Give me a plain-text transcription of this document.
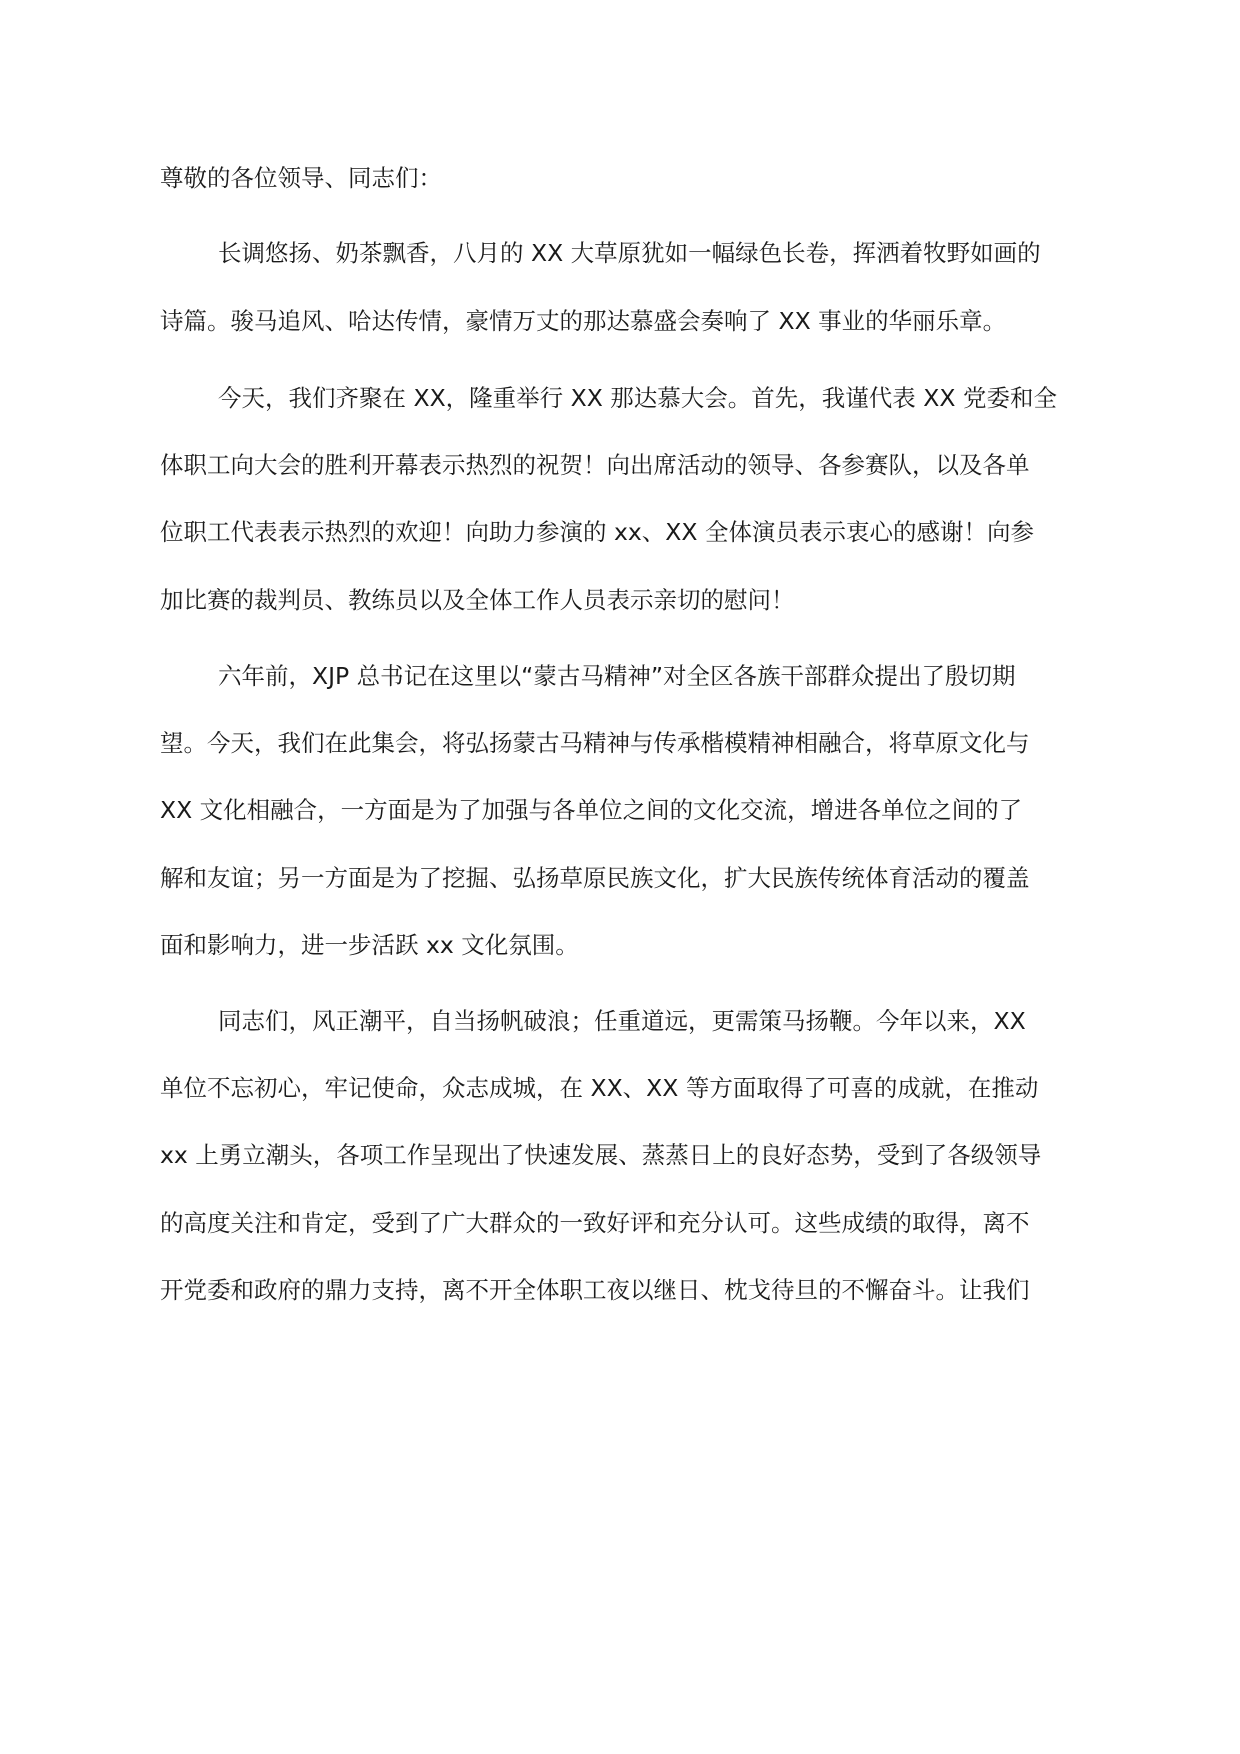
尊敬的各位领导、同志们：
长调悠扬、奶茶飘香，八月的 XX 大草原犹如一幅绿色长卷，挥洒着牧野如画的
诗篇。骏马追风、哈达传情，豪情万丈的那达慕盛会奏响了 XX 事业的华丽乐章。
今天，我们齐聚在 XX，隆重举行 XX 那达慕大会。首先，我谨代表 XX 党委和全
体职工向大会的胜利开幕表示热烈的祝贺！向出席活动的领导、各参赛队，以及各单
位职工代表表示热烈的欢迎！向助力参演的 xx、XX 全体演员表示衷心的感谢！向参
加比赛的裁判员、教练员以及全体工作人员表示亲切的慰问！
六年前，XJP 总书记在这里以“蒙古马精神”对全区各族干部群众提出了殷切期
望。今天，我们在此集会，将弘扬蒙古马精神与传承楷模精神相融合，将草原文化与
XX 文化相融合，一方面是为了加强与各单位之间的文化交流，增进各单位之间的了
解和友谊；另一方面是为了挖掘、弘扬草原民族文化，扩大民族传统体育活动的覆盖
面和影响力，进一步活跃 xx 文化氛围。
同志们，风正潮平，自当扬帆破浪；任重道远，更需策马扬鞭。今年以来，XX
单位不忘初心，牢记使命，众志成城，在 XX、XX 等方面取得了可喜的成就，在推动
xx 上勇立潮头，各项工作呈现出了快速发展、蒸蒸日上的良好态势，受到了各级领导
的高度关注和肯定，受到了广大群众的一致好评和充分认可。这些成绩的取得，离不
开党委和政府的鼎力支持，离不开全体职工夜以继日、枕戈待旦的不懈奋斗。让我们
